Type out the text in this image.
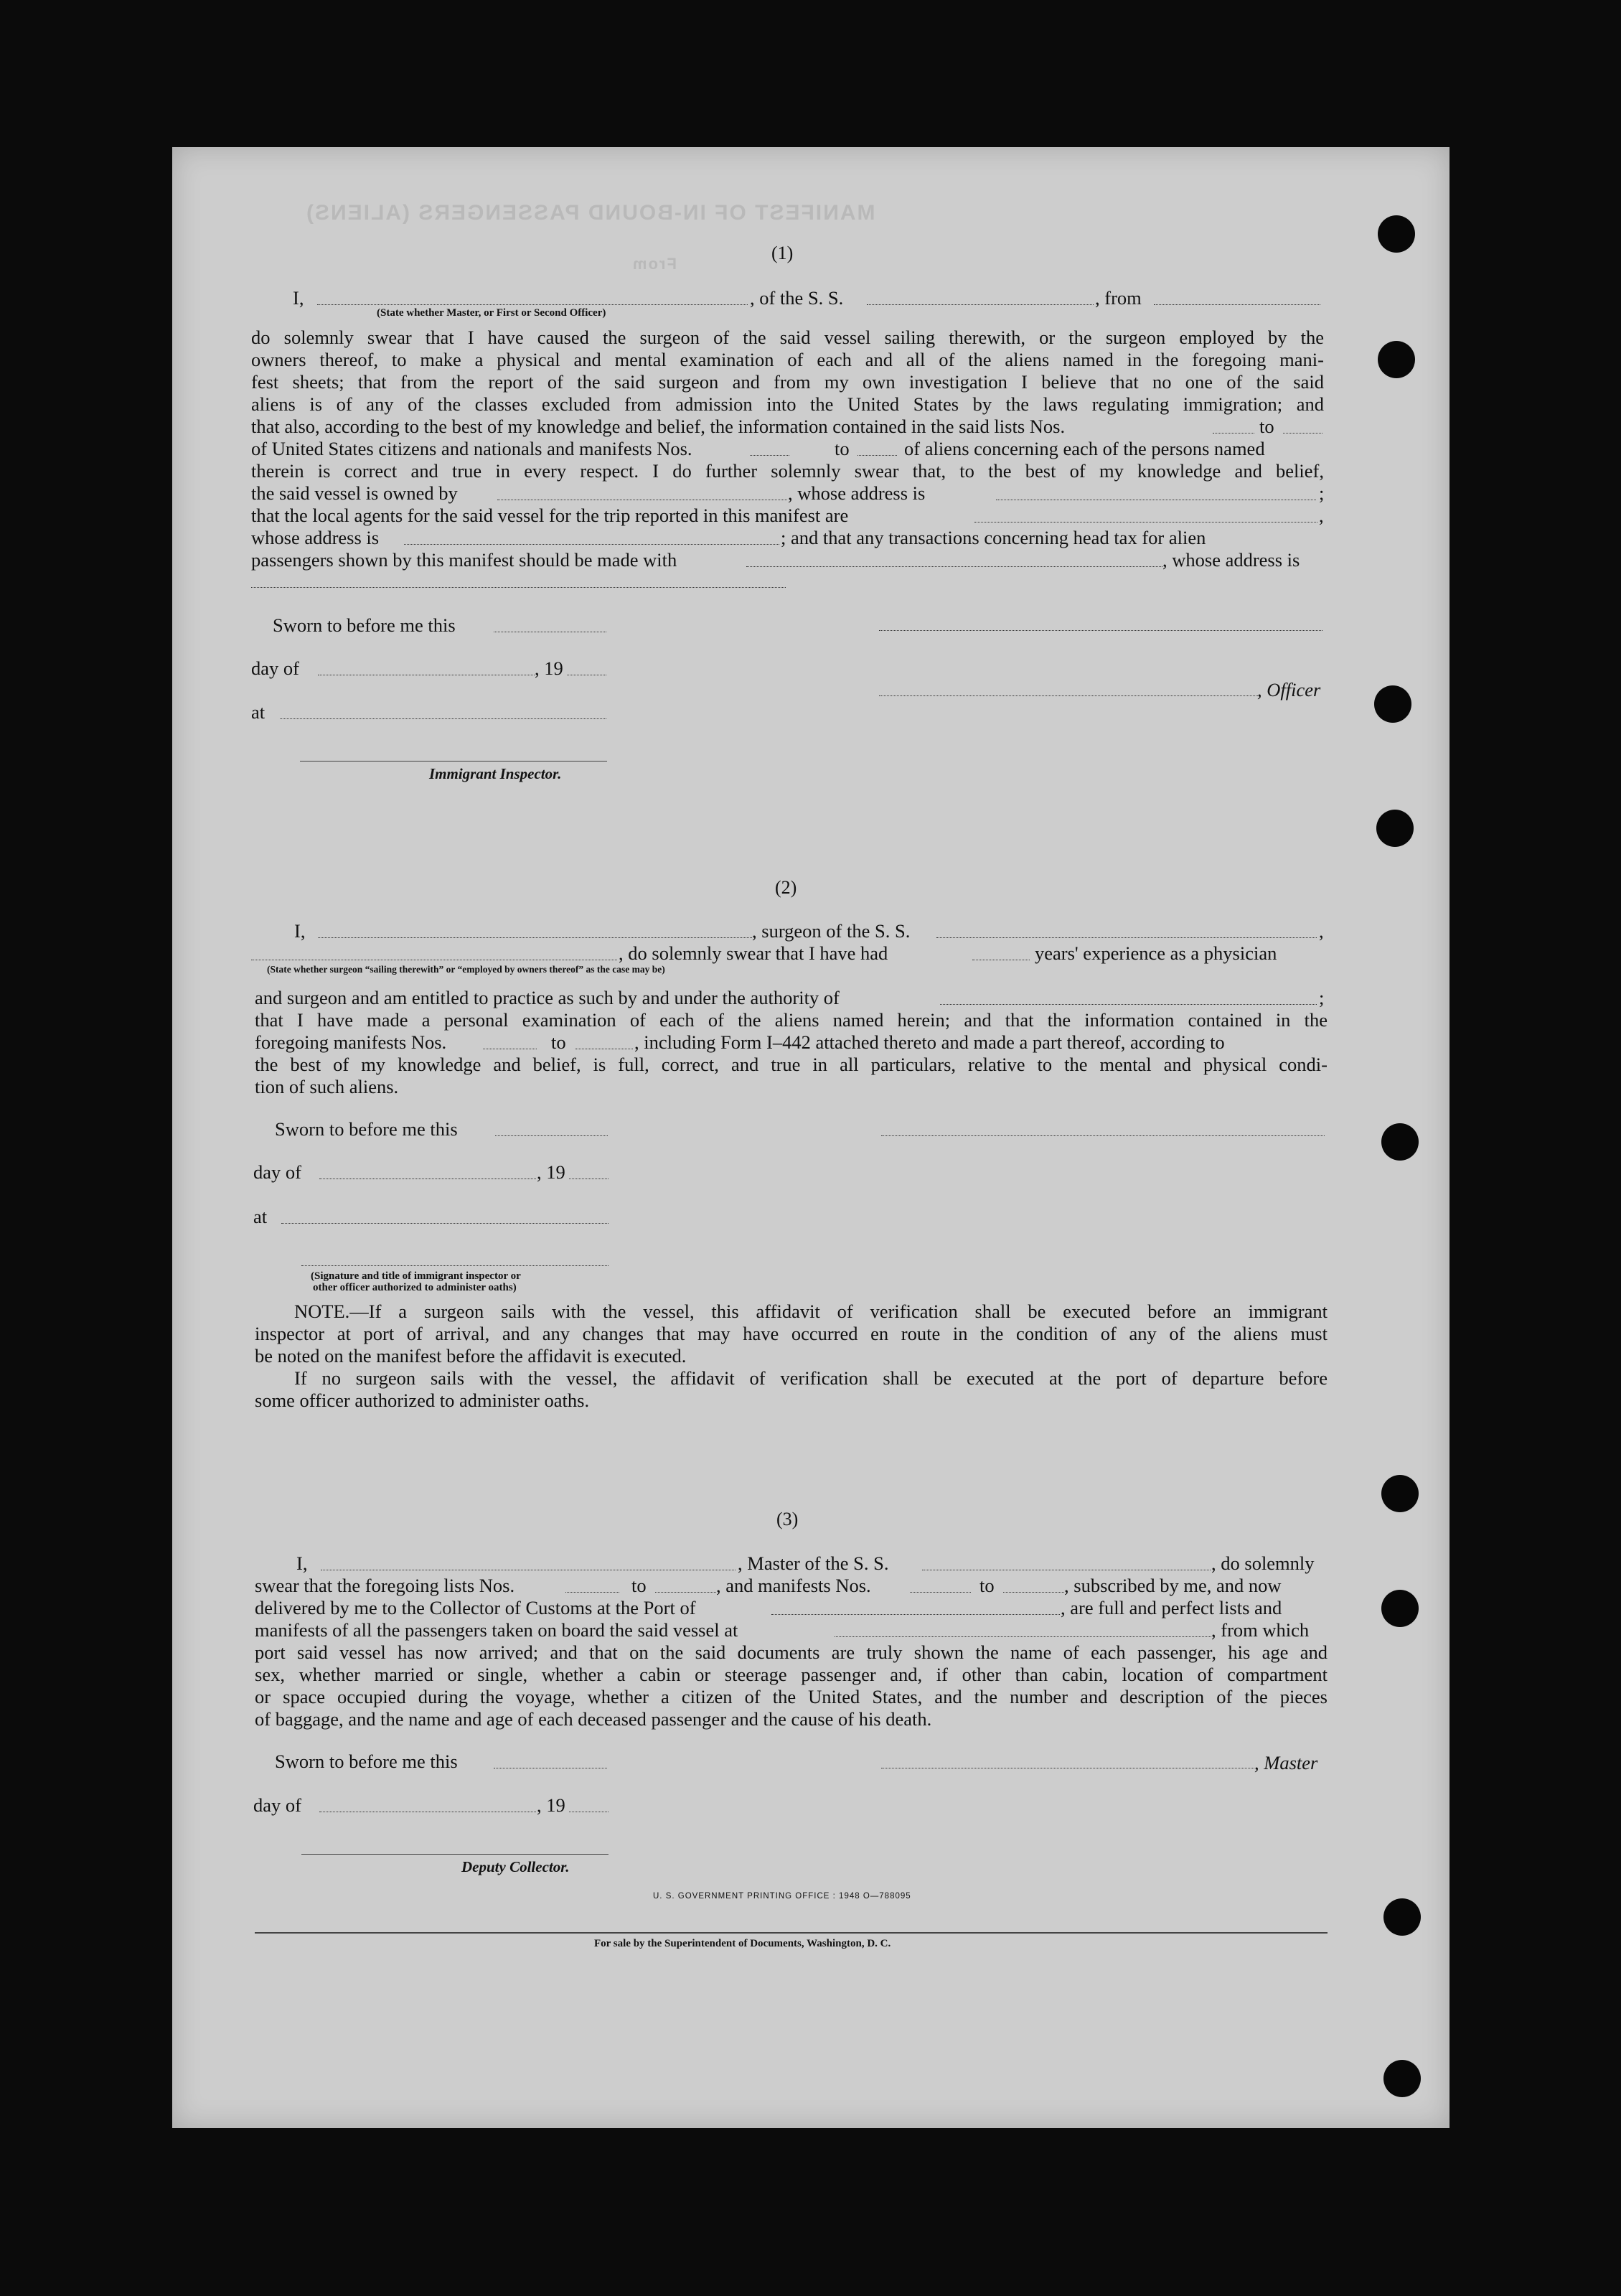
MANIFEST OF IN-BOUND PASSENGERS (ALIENS)
From
(1)
I,	, of the S. S.	, from
(State whether Master, or First or Second Officer)
do solemnly swear that I have caused the surgeon of the said vessel sailing therewith, or the surgeon employed by the
owners thereof, to make a physical and mental examination of each and all of the aliens named in the foregoing mani-
fest sheets; that from the report of the said surgeon and from my own investigation I believe that no one of the said
aliens is of any of the classes excluded from admission into the United States by the laws regulating immigration; and
that also, according to the best of my knowledge and belief, the information contained in the said lists Nos.	to
of United States citizens and nationals and manifests Nos.	to	of aliens concerning each of the persons named
therein is correct and true in every respect. I do further solemnly swear that, to the best of my knowledge and belief,
the said vessel is owned by	, whose address is	;
that the local agents for the said vessel for the trip reported in this manifest are	,
whose address is	; and that any transactions concerning head tax for alien
passengers shown by this manifest should be made with	, whose address is
Sworn to before me this
day of	, 19
, Officer
at
Immigrant Inspector.
(2)
I,	, surgeon of the S. S.	,
, do solemnly swear that I have had	years' experience as a physician
(State whether surgeon “sailing therewith” or “employed by owners thereof” as the case may be)
and surgeon and am entitled to practice as such by and under the authority of	;
that I have made a personal examination of each of the aliens named herein; and that the information contained in the
foregoing manifests Nos.	to	, including Form I–442 attached thereto and made a part thereof, according to
the best of my knowledge and belief, is full, correct, and true in all particulars, relative to the mental and physical condi-
tion of such aliens.
Sworn to before me this
day of	, 19
at
(Signature and title of immigrant inspector or
other officer authorized to administer oaths)
NOTE.—If a surgeon sails with the vessel, this affidavit of verification shall be executed before an immigrant
inspector at port of arrival, and any changes that may have occurred en route in the condition of any of the aliens must
be noted on the manifest before the affidavit is executed.
If no surgeon sails with the vessel, the affidavit of verification shall be executed at the port of departure before
some officer authorized to administer oaths.
(3)
I,	, Master of the S. S.	, do solemnly
swear that the foregoing lists Nos.	to	, and manifests Nos.	to	, subscribed by me, and now
delivered by me to the Collector of Customs at the Port of	, are full and perfect lists and
manifests of all the passengers taken on board the said vessel at	, from which
port said vessel has now arrived; and that on the said documents are truly shown the name of each passenger, his age and
sex, whether married or single, whether a cabin or steerage passenger and, if other than cabin, location of compartment
or space occupied during the voyage, whether a citizen of the United States, and the number and description of the pieces
of baggage, and the name and age of each deceased passenger and the cause of his death.
Sworn to before me this	, Master
day of	, 19
Deputy Collector.
U. S. GOVERNMENT PRINTING OFFICE : 1948 O—788095
For sale by the Superintendent of Documents, Washington, D. C.
